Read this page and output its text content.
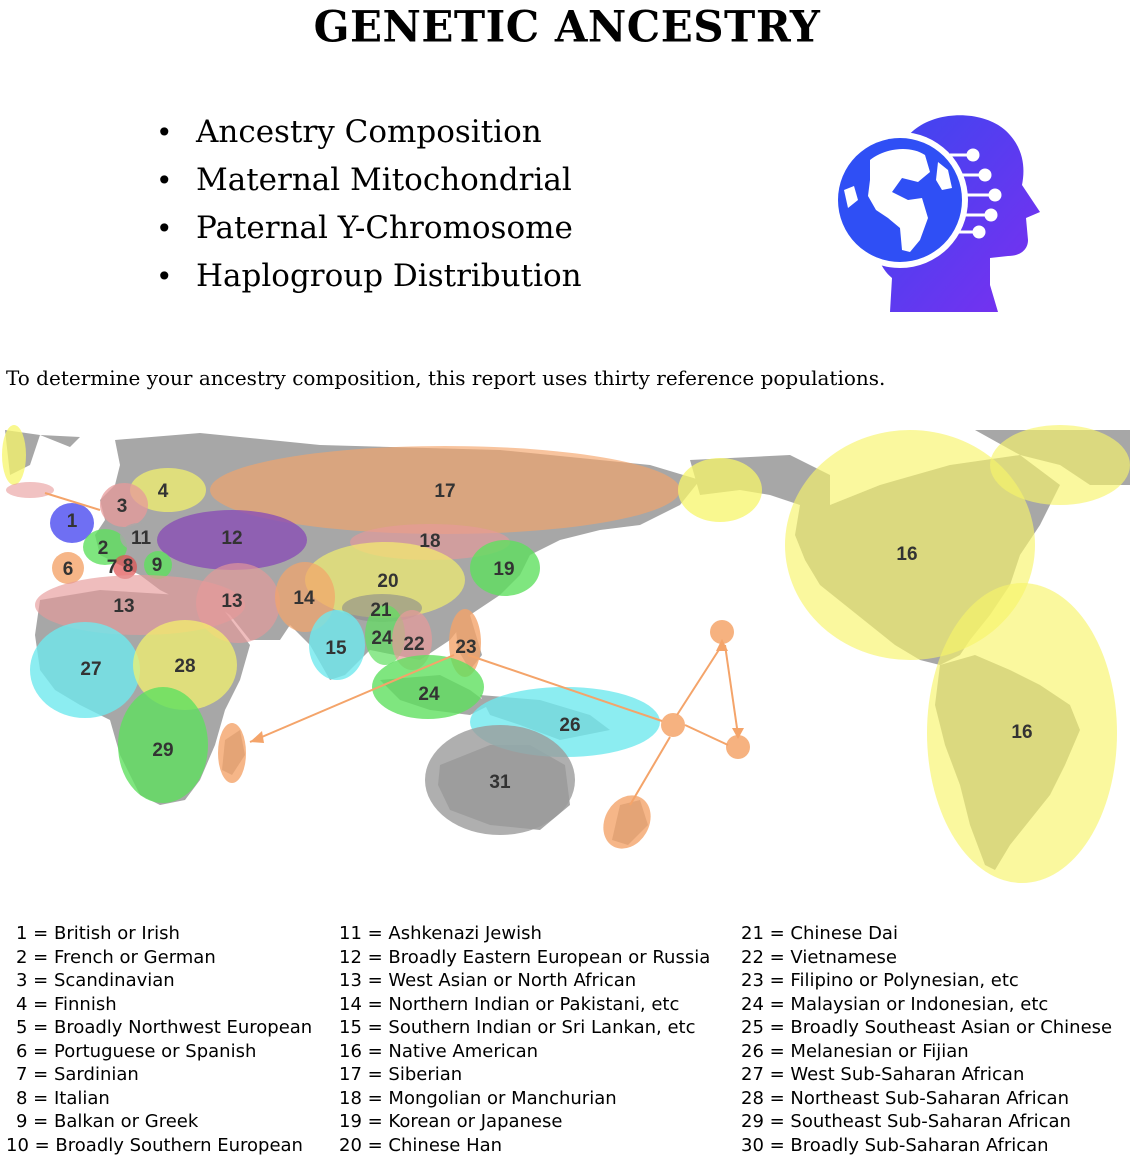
GENETIC ANCESTRY
• Ancestry Composition
• Maternal Mitochondrial
• Paternal Y-Chromosome
• Haplogroup Distribution
To determine your ancestry composition, this report uses thirty reference populations.
1
2
3
4
6 7 8 9
11	12
13	13	14
15
16
16
17
18
19
20
21
22 23
24
24
26
27	28
29
31
1 = British or Irish
2 = French or German
3 = Scandinavian
4 = Finnish
5 = Broadly Northwest European
6 = Portuguese or Spanish
7 = Sardinian
8 = Italian
9 = Balkan or Greek
10 = Broadly Southern European
11 = Ashkenazi Jewish
12 = Broadly Eastern European or Russia
13 = West Asian or North African
14 = Northern Indian or Pakistani, etc
15 = Southern Indian or Sri Lankan, etc
16 = Native American
17 = Siberian
18 = Mongolian or Manchurian
19 = Korean or Japanese
20 = Chinese Han
21 = Chinese Dai
22 = Vietnamese
23 = Filipino or Polynesian, etc
24 = Malaysian or Indonesian, etc
25 = Broadly Southeast Asian or Chinese
26 = Melanesian or Fijian
27 = West Sub-Saharan African
28 = Northeast Sub-Saharan African
29 = Southeast Sub-Saharan African
30 = Broadly Sub-Saharan African
